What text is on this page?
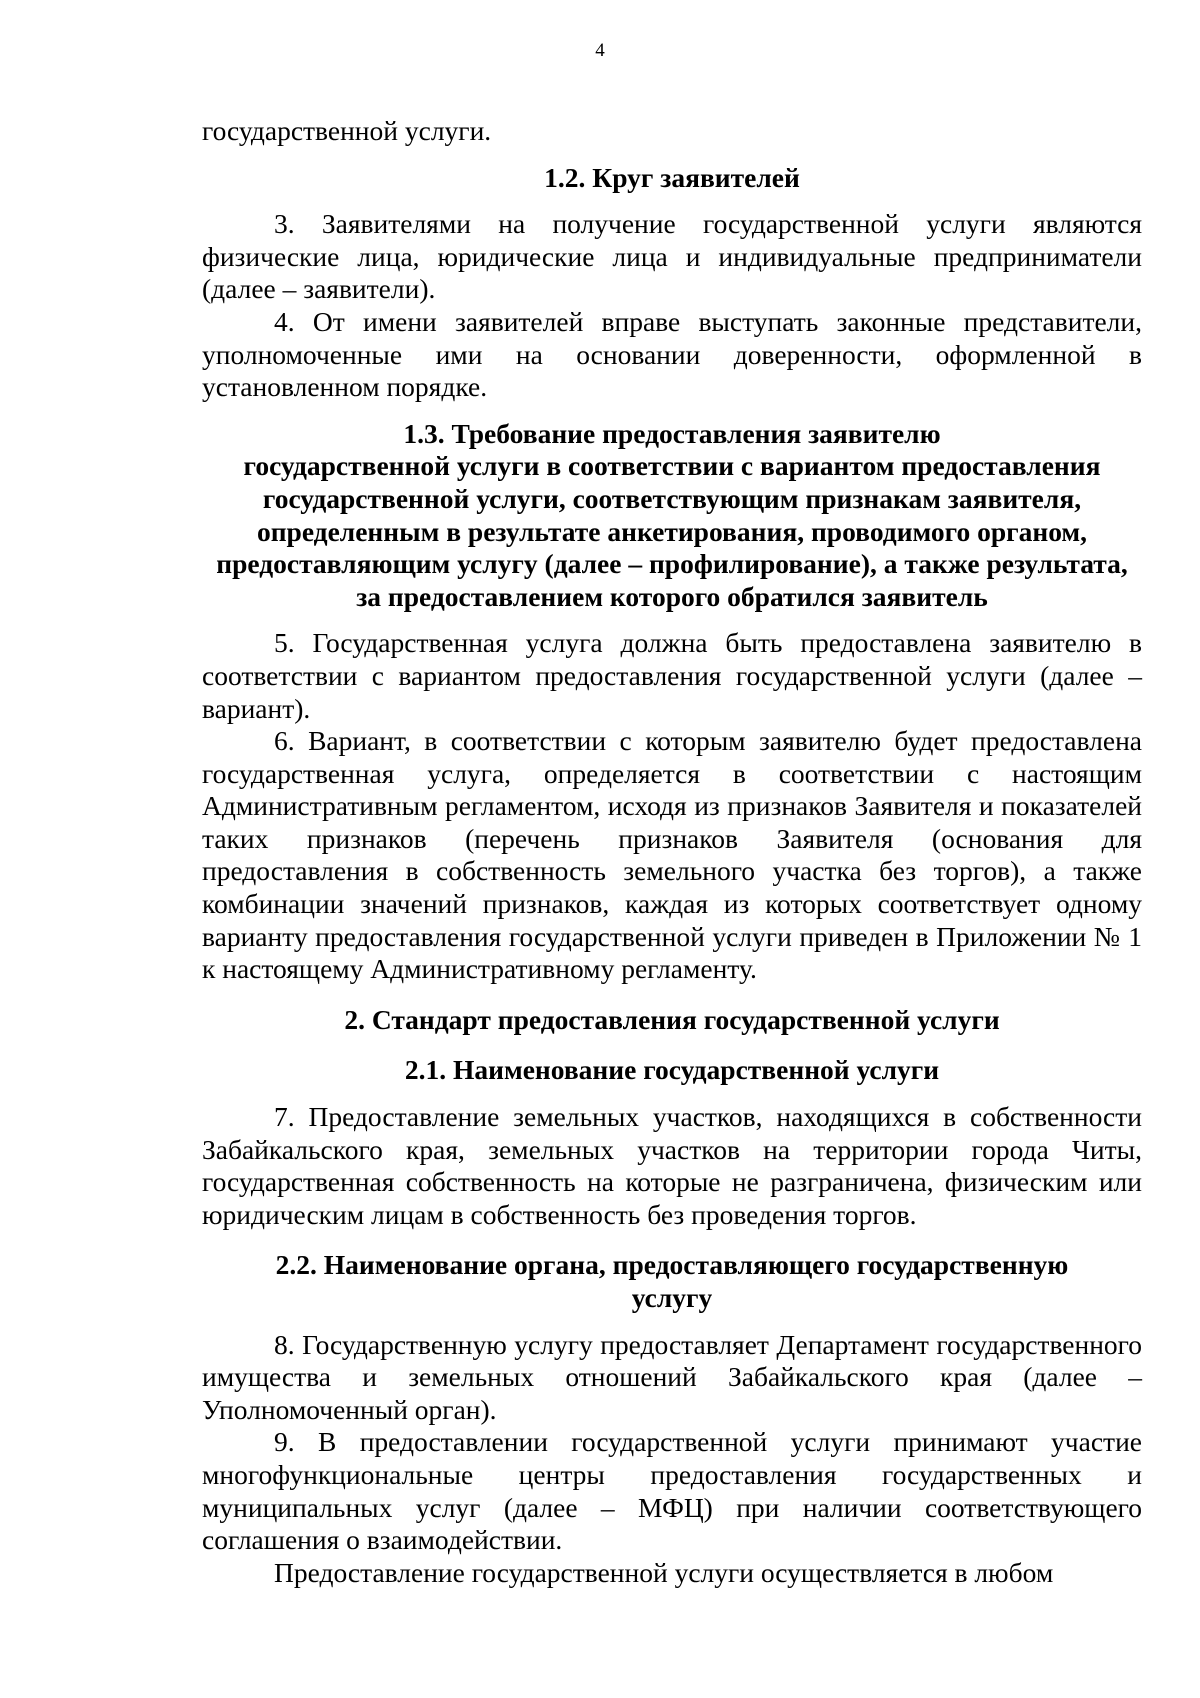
4

государственной услуги.

1.2. Круг заявителей

3. Заявителями на получение государственной услуги являются физические лица, юридические лица и индивидуальные предприниматели (далее – заявители).

4. От имени заявителей вправе выступать законные представители, уполномоченные ими на основании доверенности, оформленной в установленном порядке.

1.3. Требование предоставления заявителю
государственной услуги в соответствии с вариантом предоставления
государственной услуги, соответствующим признакам заявителя,
определенным в результате анкетирования, проводимого органом,
предоставляющим услугу (далее – профилирование), а также результата,
за предоставлением которого обратился заявитель

5. Государственная услуга должна быть предоставлена заявителю в соответствии с вариантом предоставления государственной услуги (далее – вариант).

6. Вариант, в соответствии с которым заявителю будет предоставлена государственная услуга, определяется в соответствии с настоящим Административным регламентом, исходя из признаков Заявителя и показателей таких признаков (перечень признаков Заявителя (основания для предоставления в собственность земельного участка без торгов), а также комбинации значений признаков, каждая из которых соответствует одному варианту предоставления государственной услуги приведен в Приложении № 1 к настоящему Административному регламенту.

2. Стандарт предоставления государственной услуги
2.1. Наименование государственной услуги

7. Предоставление земельных участков, находящихся в собственности Забайкальского края, земельных участков на территории города Читы, государственная собственность на которые не разграничена, физическим или юридическим лицам в собственность без проведения торгов.

2.2. Наименование органа, предоставляющего государственную
услугу

8. Государственную услугу предоставляет Департамент государственного имущества и земельных отношений Забайкальского края (далее – Уполномоченный орган).

9. В предоставлении государственной услуги принимают участие многофункциональные центры предоставления государственных и муниципальных услуг (далее – МФЦ) при наличии соответствующего соглашения о взаимодействии.

Предоставление государственной услуги осуществляется в любом
